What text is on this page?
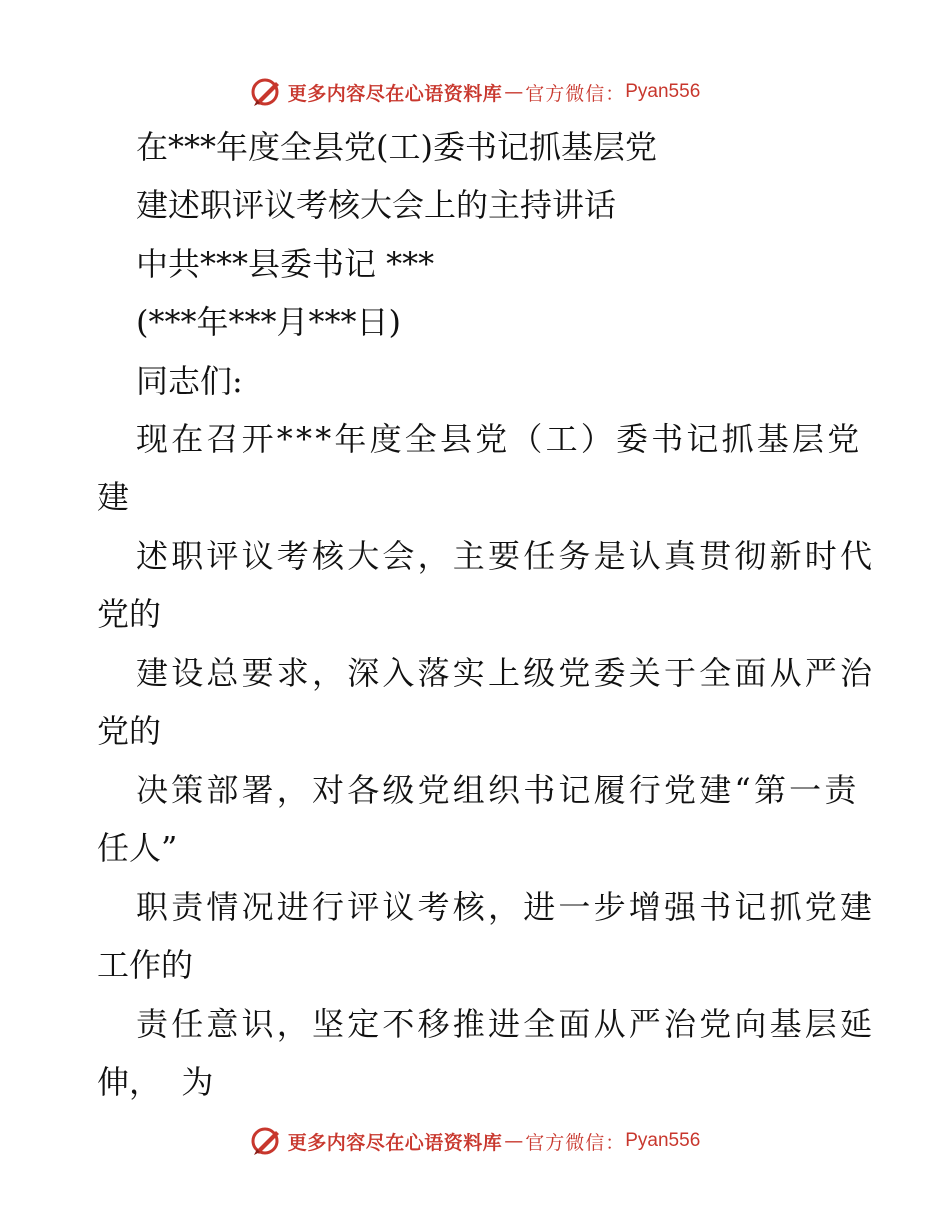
更多内容尽在心语资料库 — 官方微信： Pyan556
在***年度全县党(工)委书记抓基层党
建述职评议考核大会上的主持讲话
中共***县委书记 ***
(***年***月***日)
同志们:
现在召开***年度全县党（工）委书记抓基层党
建
述职评议考核大会，主要任务是认真贯彻新时代
党的
建设总要求，深入落实上级党委关于全面从严治
党的
决策部署，对各级党组织书记履行党建“第一责
任人”
职责情况进行评议考核，进一步增强书记抓党建
工作的
责任意识，坚定不移推进全面从严治党向基层延
伸，  为
更多内容尽在心语资料库 — 官方微信： Pyan556
